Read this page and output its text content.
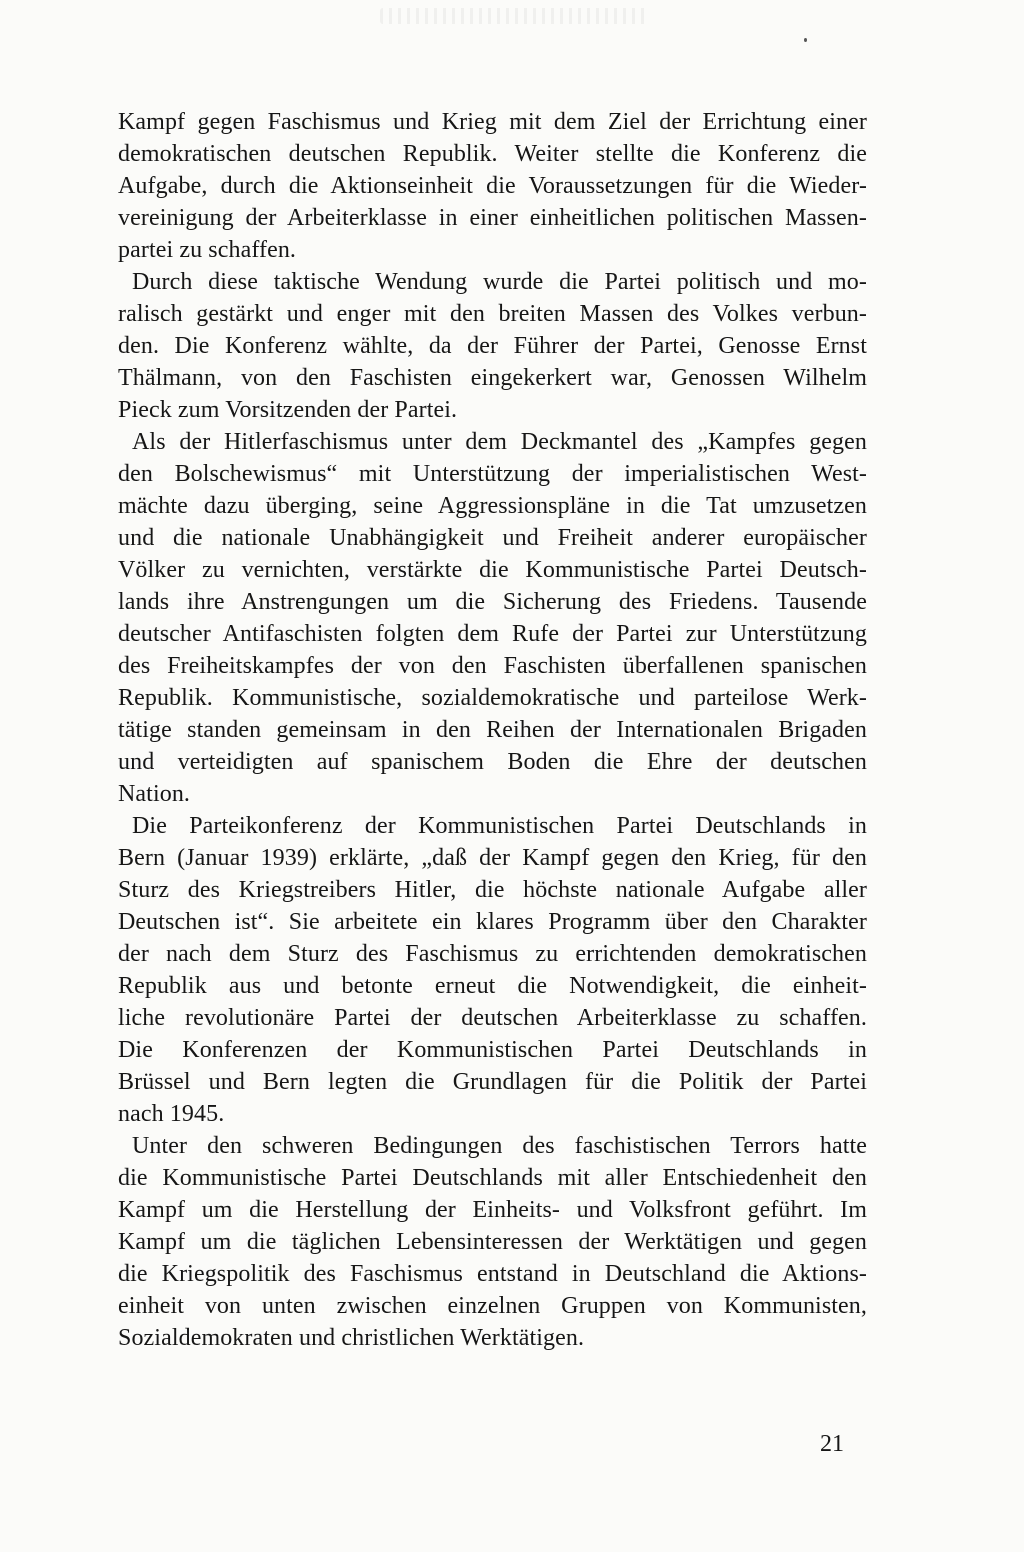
Kampf gegen Faschismus und Krieg mit dem Ziel der Errichtung einer
demokratischen deutschen Republik. Weiter stellte die Konferenz die
Aufgabe, durch die Aktionseinheit die Voraussetzungen für die Wieder-
vereinigung der Arbeiterklasse in einer einheitlichen politischen Massen-
partei zu schaffen.
Durch diese taktische Wendung wurde die Partei politisch und mo-
ralisch gestärkt und enger mit den breiten Massen des Volkes verbun-
den. Die Konferenz wählte, da der Führer der Partei, Genosse Ernst
Thälmann, von den Faschisten eingekerkert war, Genossen Wilhelm
Pieck zum Vorsitzenden der Partei.
Als der Hitlerfaschismus unter dem Deckmantel des „Kampfes gegen
den Bolschewismus“ mit Unterstützung der imperialistischen West-
mächte dazu überging, seine Aggressionspläne in die Tat umzusetzen
und die nationale Unabhängigkeit und Freiheit anderer europäischer
Völker zu vernichten, verstärkte die Kommunistische Partei Deutsch-
lands ihre Anstrengungen um die Sicherung des Friedens. Tausende
deutscher Antifaschisten folgten dem Rufe der Partei zur Unterstützung
des Freiheitskampfes der von den Faschisten überfallenen spanischen
Republik. Kommunistische, sozialdemokratische und parteilose Werk-
tätige standen gemeinsam in den Reihen der Internationalen Brigaden
und verteidigten auf spanischem Boden die Ehre der deutschen
Nation.
Die Parteikonferenz der Kommunistischen Partei Deutschlands in
Bern (Januar 1939) erklärte, „daß der Kampf gegen den Krieg, für den
Sturz des Kriegstreibers Hitler, die höchste nationale Aufgabe aller
Deutschen ist“. Sie arbeitete ein klares Programm über den Charakter
der nach dem Sturz des Faschismus zu errichtenden demokratischen
Republik aus und betonte erneut die Notwendigkeit, die einheit-
liche revolutionäre Partei der deutschen Arbeiterklasse zu schaffen.
Die Konferenzen der Kommunistischen Partei Deutschlands in
Brüssel und Bern legten die Grundlagen für die Politik der Partei
nach 1945.
Unter den schweren Bedingungen des faschistischen Terrors hatte
die Kommunistische Partei Deutschlands mit aller Entschiedenheit den
Kampf um die Herstellung der Einheits- und Volksfront geführt. Im
Kampf um die täglichen Lebensinteressen der Werktätigen und gegen
die Kriegspolitik des Faschismus entstand in Deutschland die Aktions-
einheit von unten zwischen einzelnen Gruppen von Kommunisten,
Sozialdemokraten und christlichen Werktätigen.
21
